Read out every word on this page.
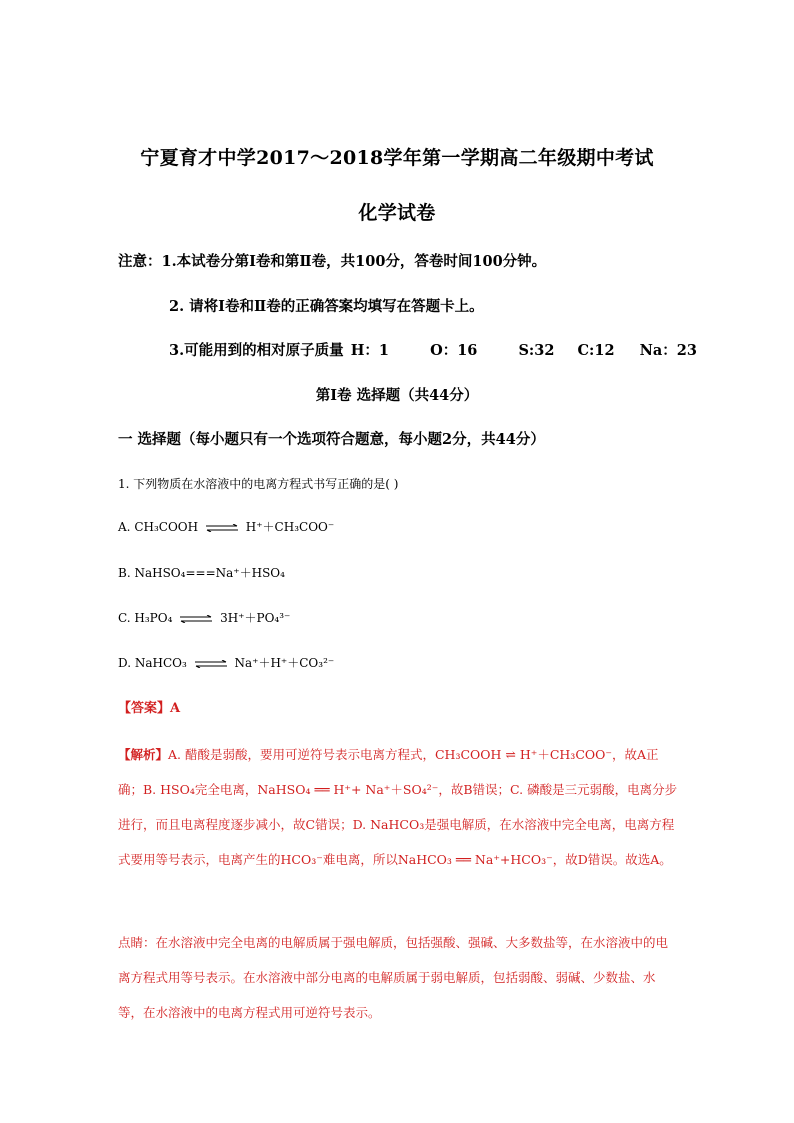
宁夏育才中学2017～2018学年第一学期高二年级期中考试
化学试卷
注意：1.本试卷分第Ⅰ卷和第Ⅱ卷，共100分，答卷时间100分钟。
2. 请将Ⅰ卷和Ⅱ卷的正确答案均填写在答题卡上。
3.可能用到的相对原子质量 H：1	O：16	S:32 C:12 Na：23
第Ⅰ卷 选择题（共44分）
一 选择题（每小题只有一个选项符合题意，每小题2分，共44分）
1. 下列物质在水溶液中的电离方程式书写正确的是( )
A. CH₃COOH ⇌ H⁺＋CH₃COO⁻
B. NaHSO₄===Na⁺＋HSO₄
C. H₃PO₄ ⇌ 3H⁺＋PO₄³⁻
D. NaHCO₃ ⇌ Na⁺＋H⁺＋CO₃²⁻
【答案】A
【解析】A. 醋酸是弱酸，要用可逆符号表示电离方程式，CH₃COOH ⇌ H⁺＋CH₃COO⁻，故A正确；B. HSO₄完全电离，NaHSO₄ ══ H⁺+ Na⁺＋SO₄²⁻，故B错误；C. 磷酸是三元弱酸，电离分步进行，而且电离程度逐步减小，故C错误；D. NaHCO₃是强电解质，在水溶液中完全电离，电离方程式要用等号表示，电离产生的HCO₃⁻难电离，所以NaHCO₃ ══ Na⁺+HCO₃⁻，故D错误。故选A。
点睛：在水溶液中完全电离的电解质属于强电解质，包括强酸、强碱、大多数盐等，在水溶液中的电离方程式用等号表示。在水溶液中部分电离的电解质属于弱电解质，包括弱酸、弱碱、少数盐、水等，在水溶液中的电离方程式用可逆符号表示。
